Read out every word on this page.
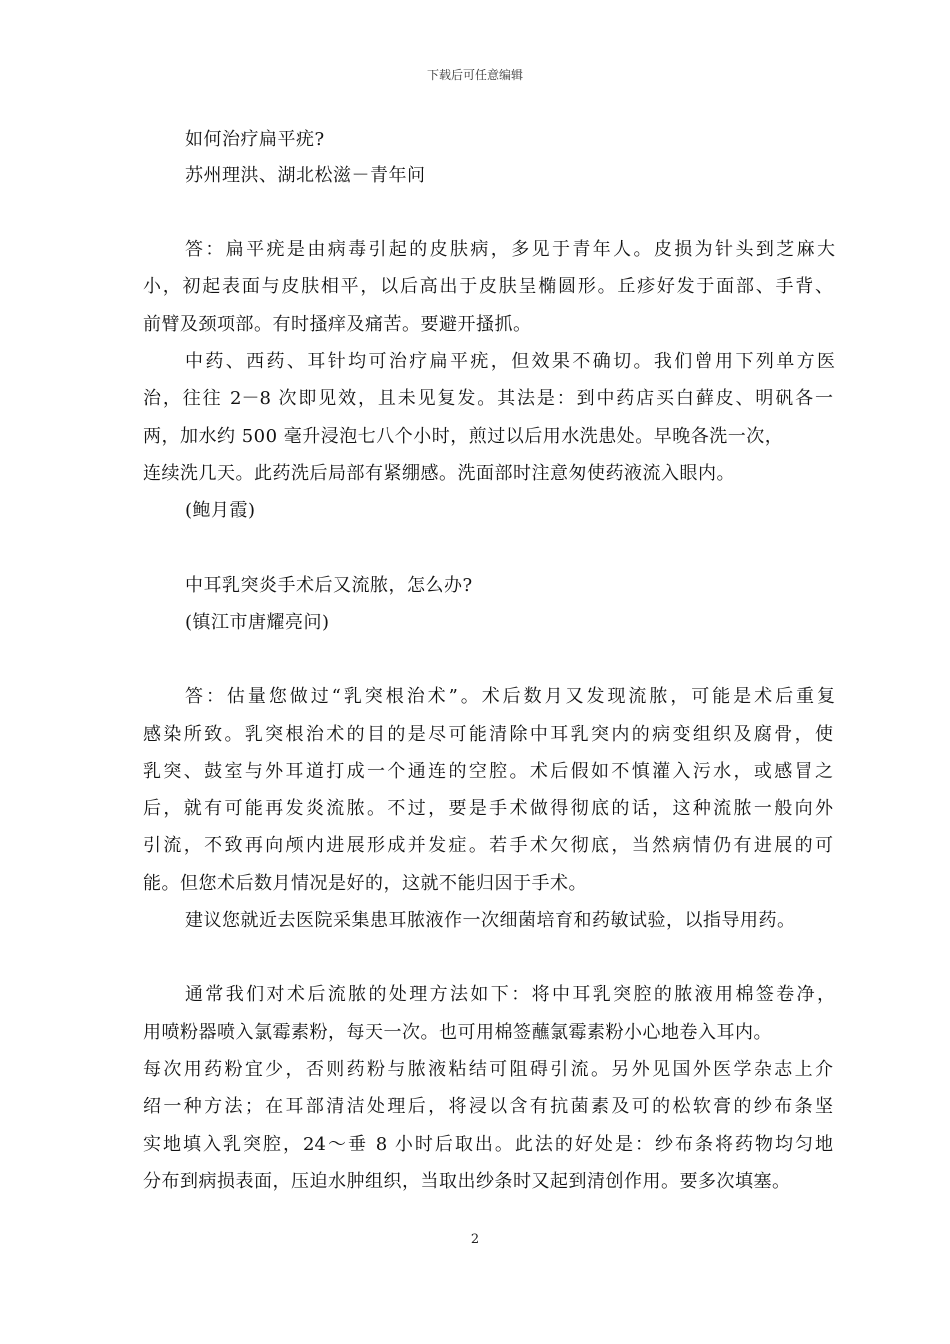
下载后可任意编辑
如何治疗扁平疣?
苏州理洪、湖北松滋－青年问
答：扁平疣是由病毒引起的皮肤病，多见于青年人。皮损为针头到芝麻大
小，初起表面与皮肤相平，以后高出于皮肤呈椭圆形。丘疹好发于面部、手背、
前臂及颈项部。有时搔痒及痛苦。要避开搔抓。
中药、西药、耳针均可治疗扁平疣，但效果不确切。我们曾用下列单方医
治，往往 2－8 次即见效，且未见复发。其法是：到中药店买白藓皮、明矾各一
两，加水约 500 毫升浸泡七八个小时，煎过以后用水洗患处。早晚各洗一次，
连续洗几天。此药洗后局部有紧绷感。洗面部时注意匆使药液流入眼内。
(鲍月霞)
中耳乳突炎手术后又流脓，怎么办?
(镇江市唐耀亮问)
答：估量您做过“乳突根治术”。术后数月又发现流脓，可能是术后重复
感染所致。乳突根治术的目的是尽可能清除中耳乳突内的病变组织及腐骨，使
乳突、鼓室与外耳道打成一个通连的空腔。术后假如不慎灌入污水，或感冒之
后，就有可能再发炎流脓。不过，要是手术做得彻底的话，这种流脓一般向外
引流，不致再向颅内进展形成并发症。若手术欠彻底，当然病情仍有进展的可
能。但您术后数月情况是好的，这就不能归因于手术。
建议您就近去医院采集患耳脓液作一次细菌培育和药敏试验，以指导用药。
通常我们对术后流脓的处理方法如下：将中耳乳突腔的脓液用棉签卷净，
用喷粉器喷入氯霉素粉，每天一次。也可用棉签蘸氯霉素粉小心地卷入耳内。
每次用药粉宜少，否则药粉与脓液粘结可阻碍引流。另外见国外医学杂志上介
绍一种方法；在耳部清洁处理后，将浸以含有抗菌素及可的松软膏的纱布条坚
实地填入乳突腔，24～垂 8 小时后取出。此法的好处是：纱布条将药物均匀地
分布到病损表面，压迫水肿组织，当取出纱条时又起到清创作用。要多次填塞。
2
